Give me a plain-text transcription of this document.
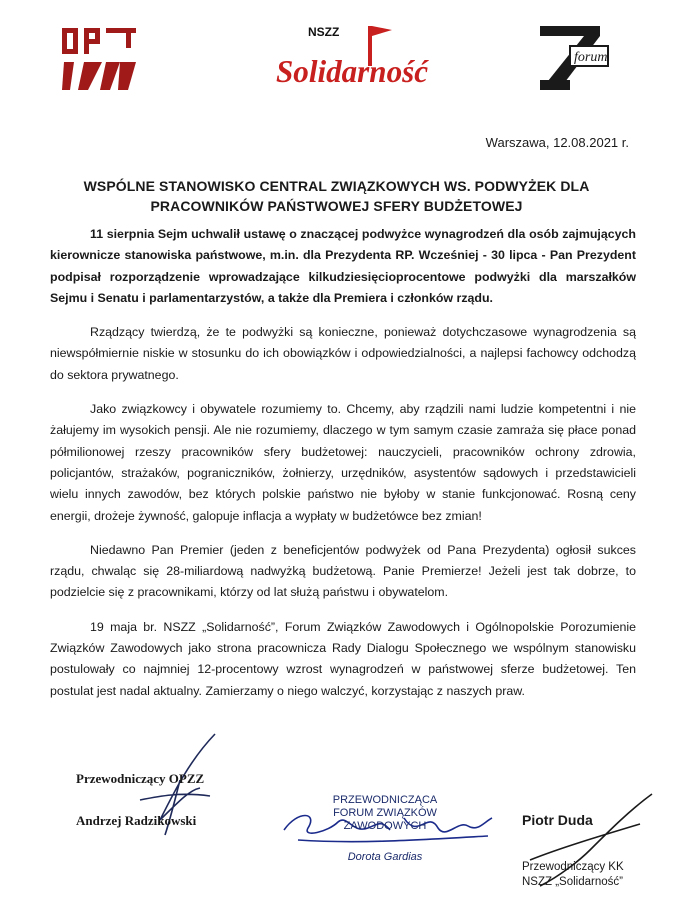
NSZZ
Solidarność	forum
Warszawa, 12.08.2021 r.
WSPÓLNE STANOWISKO CENTRAL ZWIĄZKOWYCH WS. PODWYŻEK DLA
PRACOWNIKÓW PAŃSTWOWEJ SFERY BUDŻETOWEJ

11 sierpnia Sejm uchwalił ustawę o znaczącej podwyżce wynagrodzeń dla osób zajmujących kierownicze stanowiska państwowe, m.in. dla Prezydenta RP. Wcześniej - 30 lipca - Pan Prezydent podpisał rozporządzenie wprowadzające kilkudziesięcioprocentowe podwyżki dla marszałków Sejmu i Senatu i parlamentarzystów, a także dla Premiera i członków rządu.

Rządzący twierdzą, że te podwyżki są konieczne, ponieważ dotychczasowe wynagrodzenia są niewspółmiernie niskie w stosunku do ich obowiązków i odpowiedzialności, a najlepsi fachowcy odchodzą do sektora prywatnego.

Jako związkowcy i obywatele rozumiemy to. Chcemy, aby rządzili nami ludzie kompetentni i nie żałujemy im wysokich pensji. Ale nie rozumiemy, dlaczego w tym samym czasie zamraża się płace ponad półmilionowej rzeszy pracowników sfery budżetowej: nauczycieli, pracowników ochrony zdrowia, policjantów, strażaków, pograniczników, żołnierzy, urzędników, asystentów sądowych i przedstawicieli wielu innych zawodów, bez których polskie państwo nie byłoby w stanie funkcjonować. Rosną ceny energii, drożeje żywność, galopuje inflacja a wypłaty w budżetówce bez zmian!

Niedawno Pan Premier (jeden z beneficjentów podwyżek od Pana Prezydenta) ogłosił sukces rządu, chwaląc się 28-miliardową nadwyżką budżetową. Panie Premierze! Jeżeli jest tak dobrze, to podzielcie się z pracownikami, którzy od lat służą państwu i obywatelom.

19 maja br. NSZZ „Solidarność”, Forum Związków Zawodowych i Ogólnopolskie Porozumienie Związków Zawodowych jako strona pracownicza Rady Dialogu Społecznego we wspólnym stanowisku postulowały co najmniej 12-procentowy wzrost wynagrodzeń w państwowej sferze budżetowej. Ten postulat jest nadal aktualny. Zamierzamy o niego walczyć, korzystając z naszych praw.

Przewodniczący OPZZ
Andrzej Radzikowski
PRZEWODNICZĄCA
FORUM ZWIĄZKÓW ZAWODOWYCH
Dorota Gardias
Piotr Duda
Przewodniczący KK
NSZZ „Solidarność”
